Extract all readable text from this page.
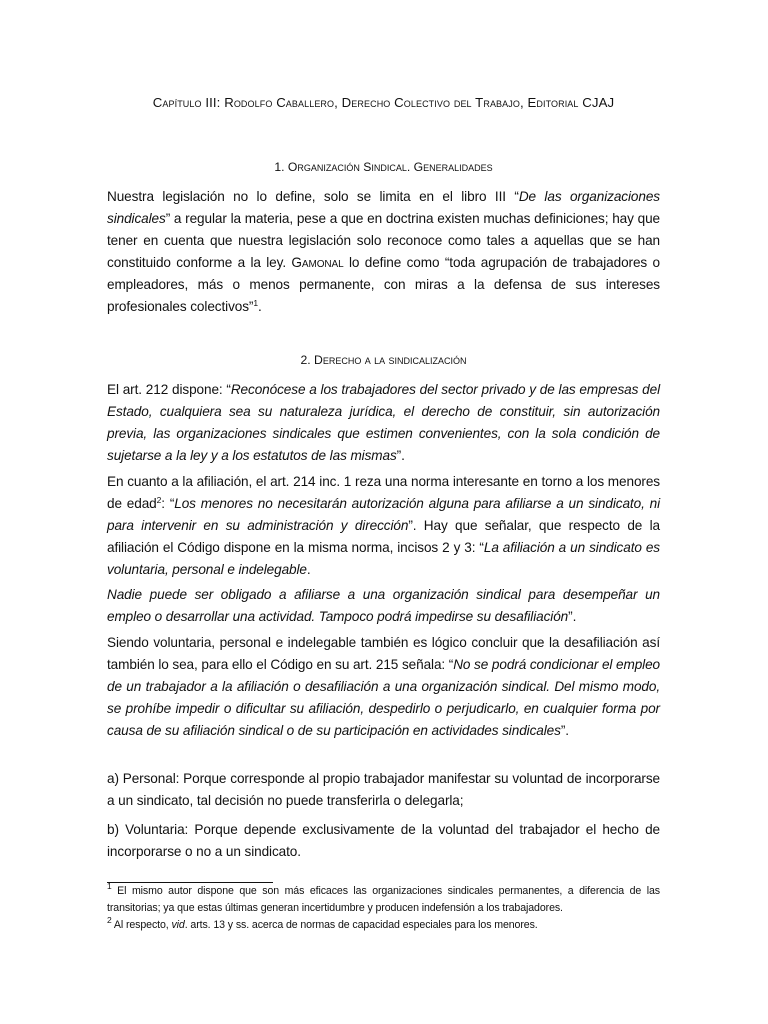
Capítulo III: Rodolfo Caballero, Derecho Colectivo del Trabajo, Editorial CJAJ
1. Organización Sindical. Generalidades
Nuestra legislación no lo define, solo se limita en el libro III “De las organizaciones sindicales” a regular la materia, pese a que en doctrina existen muchas definiciones; hay que tener en cuenta que nuestra legislación solo reconoce como tales a aquellas que se han constituido conforme a la ley. Gamonal lo define como “toda agrupación de trabajadores o empleadores, más o menos permanente, con miras a la defensa de sus intereses profesionales colectivos”$^1$.
2. Derecho a la sindicalización
El art. 212 dispone: “Reconócese a los trabajadores del sector privado y de las empresas del Estado, cualquiera sea su naturaleza jurídica, el derecho de constituir, sin autorización previa, las organizaciones sindicales que estimen convenientes, con la sola condición de sujetarse a la ley y a los estatutos de las mismas”.
En cuanto a la afiliación, el art. 214 inc. 1 reza una norma interesante en torno a los menores de edad$^2$: “Los menores no necesitarán autorización alguna para afiliarse a un sindicato, ni para intervenir en su administración y dirección”. Hay que señalar, que respecto de la afiliación el Código dispone en la misma norma, incisos 2 y 3: “La afiliación a un sindicato es voluntaria, personal e indelegable.
Nadie puede ser obligado a afiliarse a una organización sindical para desempeñar un empleo o desarrollar una actividad. Tampoco podrá impedirse su desafiliación”.
Siendo voluntaria, personal e indelegable también es lógico concluir que la desafiliación así también lo sea, para ello el Código en su art. 215 señala: “No se podrá condicionar el empleo de un trabajador a la afiliación o desafiliación a una organización sindical. Del mismo modo, se prohíbe impedir o dificultar su afiliación, despedirlo o perjudicarlo, en cualquier forma por causa de su afiliación sindical o de su participación en actividades sindicales”.
a) Personal: Porque corresponde al propio trabajador manifestar su voluntad de incorporarse a un sindicato, tal decisión no puede transferirla o delegarla;
b) Voluntaria: Porque depende exclusivamente de la voluntad del trabajador el hecho de incorporarse o no a un sindicato.
$^1$ El mismo autor dispone que son más eficaces las organizaciones sindicales permanentes, a diferencia de las transitorias; ya que estas últimas generan incertidumbre y producen indefensión a los trabajadores.
$^2$ Al respecto, vid. arts. 13 y ss. acerca de normas de capacidad especiales para los menores.
